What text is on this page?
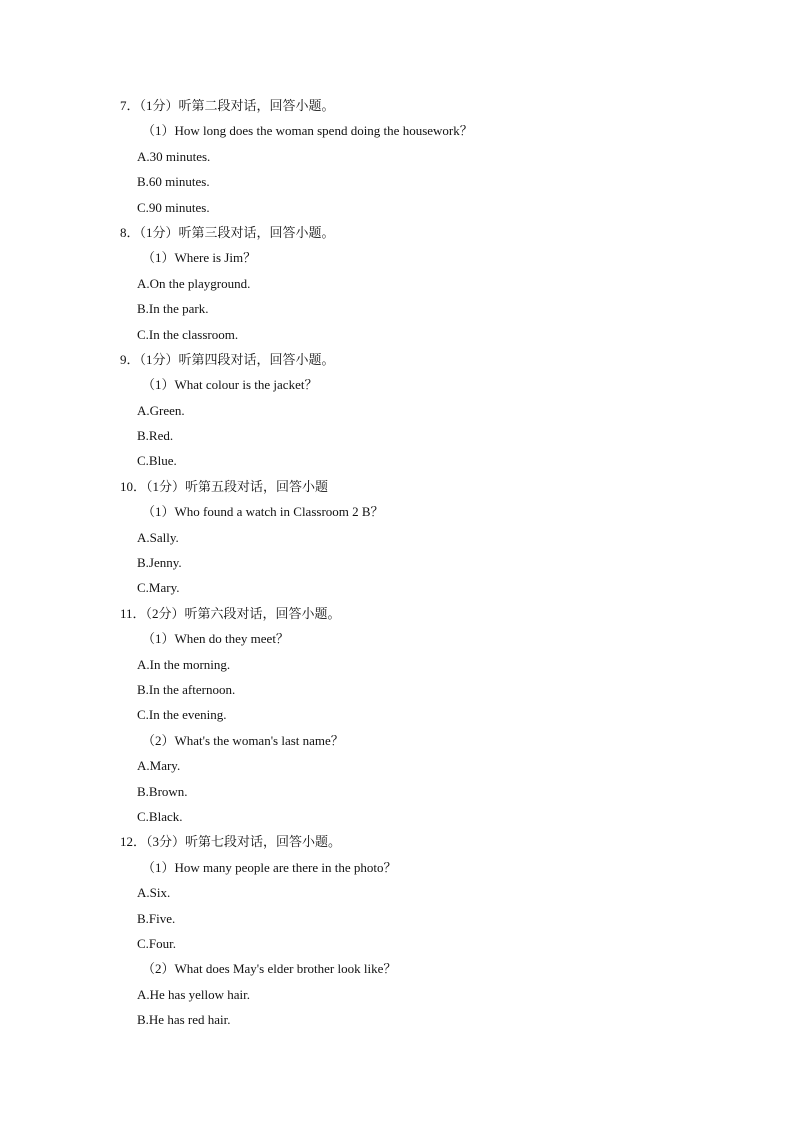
7．（1分）听第二段对话，回答小题。
（1）How long does the woman spend doing the housework？
A.30 minutes.
B.60 minutes.
C.90 minutes.
8．（1分）听第三段对话，回答小题。
（1）Where is Jim？
A.On the playground.
B.In the park.
C.In the classroom.
9．（1分）听第四段对话，回答小题。
（1）What colour is the jacket？
A.Green.
B.Red.
C.Blue.
10．（1分）听第五段对话，回答小题
（1）Who found a watch in Classroom 2 B？
A.Sally.
B.Jenny.
C.Mary.
11．（2分）听第六段对话，回答小题。
（1）When do they meet？
A.In the morning.
B.In the afternoon.
C.In the evening.
（2）What's the woman's last name？
A.Mary.
B.Brown.
C.Black.
12．（3分）听第七段对话，回答小题。
（1）How many people are there in the photo？
A.Six.
B.Five.
C.Four.
（2）What does May's elder brother look like？
A.He has yellow hair.
B.He has red hair.
